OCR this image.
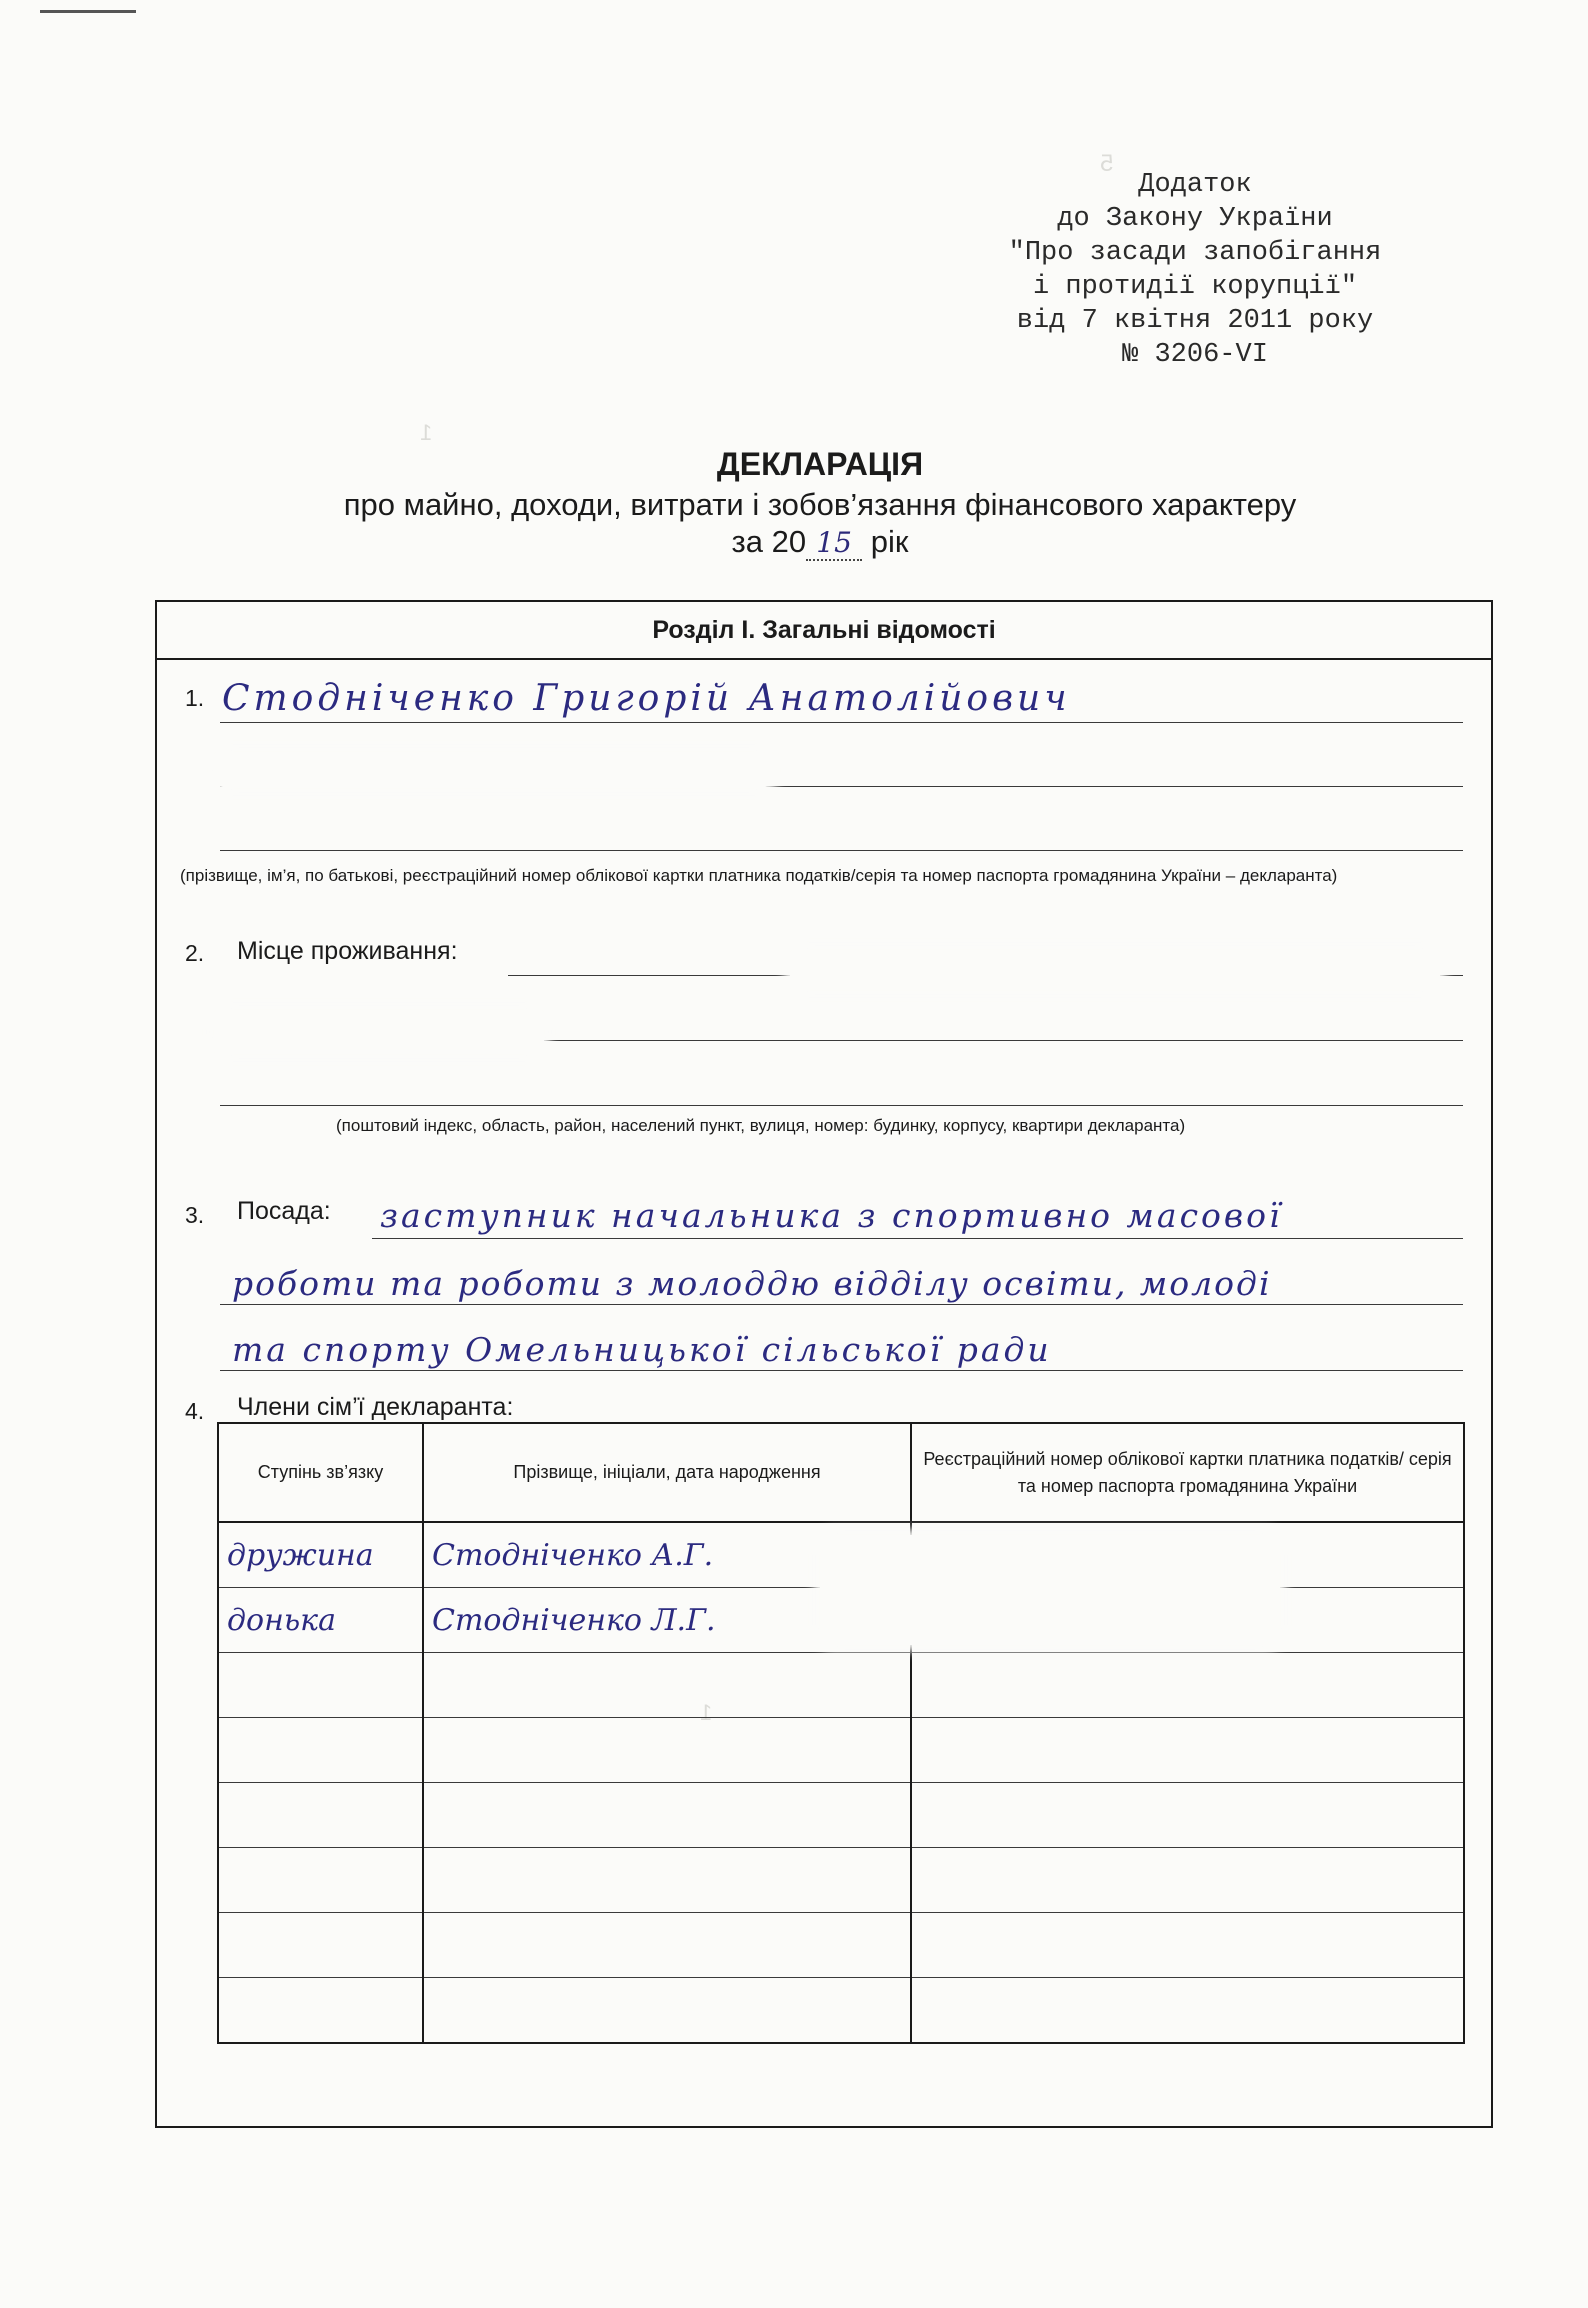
5
1
1
Додаток
до Закону України
"Про засади запобігання
і протидії корупції"
від 7 квітня 2011 року
№ 3206-VI
ДЕКЛАРАЦІЯ
про майно, доходи, витрати і зобов’язання фінансового характеру
за 20 15 рік
Розділ I. Загальні відомості
1. Стодніченко Григорій Анатолійович
(прізвище, ім’я, по батькові, реєстраційний номер облікової картки платника податків/серія та номер паспорта громадянина України – декларанта)
2. Місце проживання:
(поштовий індекс, область, район, населений пункт, вулиця, номер: будинку, корпусу, квартири декларанта)
3. Посада: заступник начальника з спортивно масової
роботи та роботи з молоддю відділу освіти, молоді
та спорту Омельницької сільської ради
4. Члени сім’ї декларанта:
Ступінь зв’язку	Прізвище, ініціали, дата народження	Реєстраційний номер облікової картки платника податків/ серія та номер паспорта громадянина України
дружина	Стодніченко А.Г.	
донька	Стодніченко Л.Г.	
